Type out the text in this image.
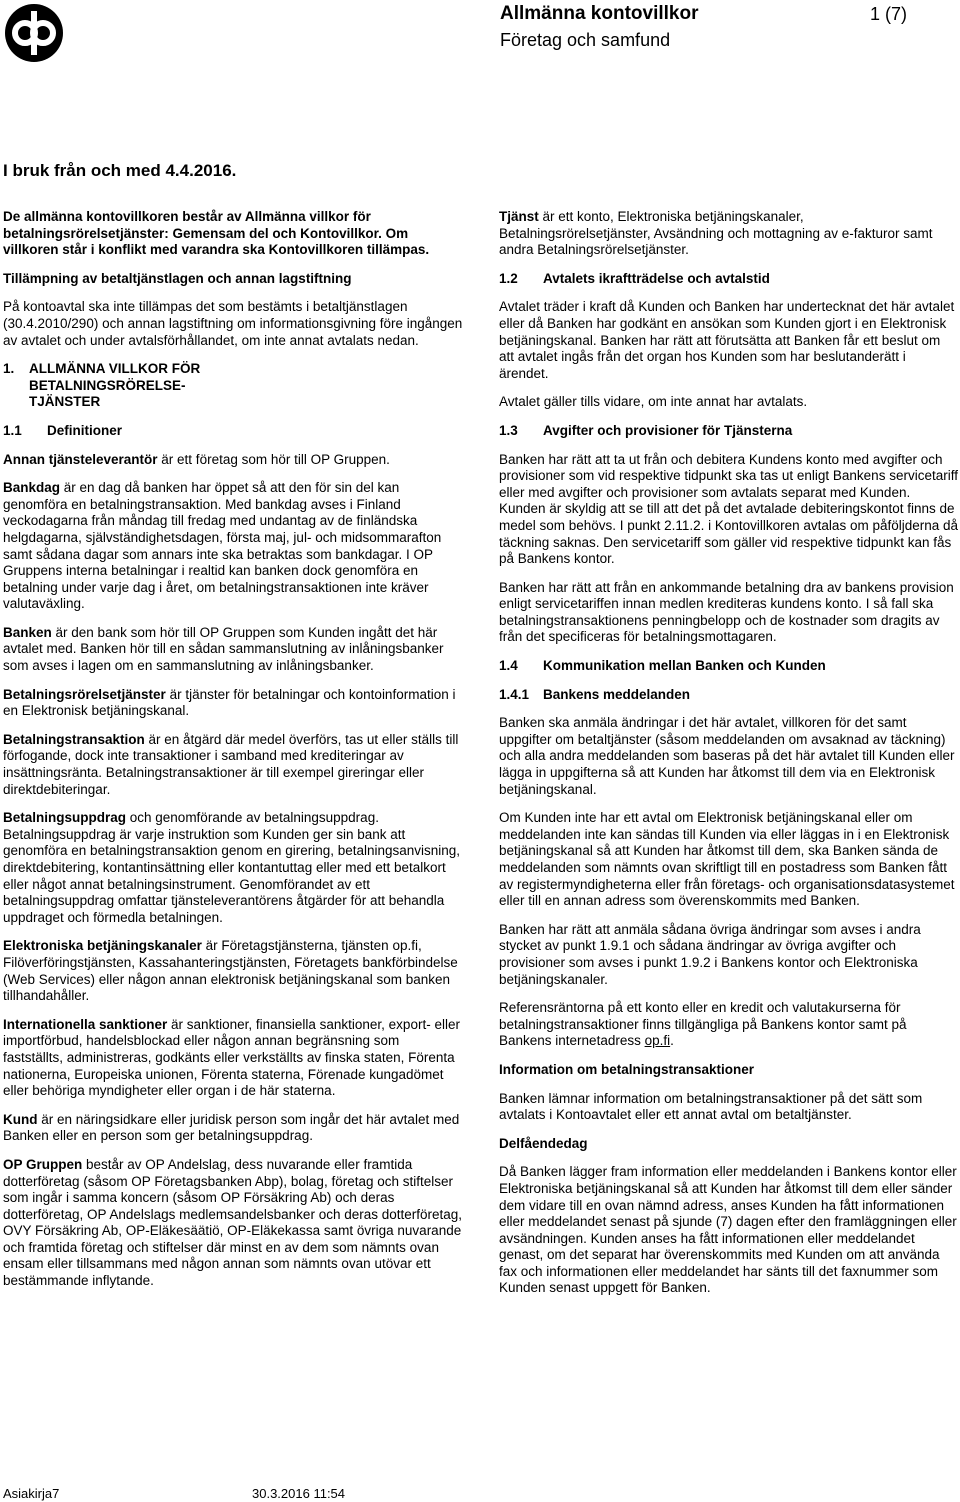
Allmänna kontovillkor	1 (7)
Företag och samfund
I bruk från och med 4.4.2016.

De allmänna kontovillkoren består av Allmänna villkor för betalningsrörelsetjänster: Gemensam del och Kontovillkor. Om villkoren står i konflikt med varandra ska Kontovillkoren tillämpas.

Tillämpning av betaltjänstlagen och annan lagstiftning

På kontoavtal ska inte tillämpas det som bestämts i betaltjänstlagen (30.4.2010/290) och annan lagstiftning om informationsgivning före ingången av avtalet och under avtalsförhållandet, om inte annat avtalats nedan.

1.	ALLMÄNNA VILLKOR FÖR BETALNINGSRÖRELSE-TJÄNSTER
1.1 Definitioner

Annan tjänsteleverantör är ett företag som hör till OP Gruppen.

Bankdag är en dag då banken har öppet så att den för sin del kan genomföra en betalningstransaktion. Med bankdag avses i Finland veckodagarna från måndag till fredag med undantag av de finländska helgdagarna, självständighetsdagen, första maj, jul- och midsommarafton samt sådana dagar som annars inte ska betraktas som bankdagar. I OP Gruppens interna betalningar i realtid kan banken dock genomföra en betalning under varje dag i året, om betalningstransaktionen inte kräver valutaväxling.

Banken är den bank som hör till OP Gruppen som Kunden ingått det här avtalet med. Banken hör till en sådan sammanslutning av inlåningsbanker som avses i lagen om en sammanslutning av inlåningsbanker.

Betalningsrörelsetjänster är tjänster för betalningar och kontoinformation i en Elektronisk betjäningskanal.

Betalningstransaktion är en åtgärd där medel överförs, tas ut eller ställs till förfogande, dock inte transaktioner i samband med krediteringar av insättningsränta. Betalningstransaktioner är till exempel gireringar eller direktdebiteringar.

Betalningsuppdrag och genomförande av betalningsuppdrag. Betalningsuppdrag är varje instruktion som Kunden ger sin bank att genomföra en betalningstransaktion genom en girering, betalningsanvisning, direktdebitering, kontantinsättning eller kontantuttag eller med ett betalkort eller något annat betalningsinstrument. Genomförandet av ett betalningsuppdrag omfattar tjänsteleverantörens åtgärder för att behandla uppdraget och förmedla betalningen.

Elektroniska betjäningskanaler är Företagstjänsterna, tjänsten op.fi, Filöverföringstjänsten, Kassahanteringstjänsten, Företagets bankförbindelse (Web Services) eller någon annan elektronisk betjäningskanal som banken tillhandahåller.

Internationella sanktioner är sanktioner, finansiella sanktioner, export- eller importförbud, handelsblockad eller någon annan begränsning som fastställts, administreras, godkänts eller verkställts av finska staten, Förenta nationerna, Europeiska unionen, Förenta staterna, Förenade kungadömet eller behöriga myndigheter eller organ i de här staterna.

Kund är en näringsidkare eller juridisk person som ingår det här avtalet med Banken eller en person som ger betalningsuppdrag.

OP Gruppen består av OP Andelslag, dess nuvarande eller framtida dotterföretag (såsom OP Företagsbanken Abp), bolag, företag och stiftelser som ingår i samma koncern (såsom OP Försäkring Ab) och deras dotterföretag, OP Andelslags medlemsandelsbanker och deras dotterföretag, OVY Försäkring Ab, OP-Eläkesäätiö, OP-Eläkekassa samt övriga nuvarande och framtida företag och stiftelser där minst en av dem som nämnts ovan ensam eller tillsammans med någon annan som nämnts ovan utövar ett bestämmande inflytande.

Tjänst är ett konto, Elektroniska betjäningskanaler, Betalningsrörelsetjänster, Avsändning och mottagning av e-fakturor samt andra Betalningsrörelsetjänster.

1.2 Avtalets ikraftträdelse och avtalstid

Avtalet träder i kraft då Kunden och Banken har undertecknat det här avtalet eller då Banken har godkänt en ansökan som Kunden gjort i en Elektronisk betjäningskanal. Banken har rätt att förutsätta att Banken får ett beslut om att avtalet ingås från det organ hos Kunden som har beslutanderätt i ärendet.

Avtalet gäller tills vidare, om inte annat har avtalats.

1.3 Avgifter och provisioner för Tjänsterna

Banken har rätt att ta ut från och debitera Kundens konto med avgifter och provisioner som vid respektive tidpunkt ska tas ut enligt Bankens servicetariff eller med avgifter och provisioner som avtalats separat med Kunden. Kunden är skyldig att se till att det på det avtalade debiteringskontot finns de medel som behövs. I punkt 2.11.2. i Kontovillkoren avtalas om påföljderna då täckning saknas. Den servicetariff som gäller vid respektive tidpunkt kan fås på Bankens kontor.

Banken har rätt att från en ankommande betalning dra av bankens provision enligt servicetariffen innan medlen krediteras kundens konto. I så fall ska betalningstransaktionens penningbelopp och de kostnader som dragits av från det specificeras för betalningsmottagaren.

1.4 Kommunikation mellan Banken och Kunden
1.4.1 Bankens meddelanden

Banken ska anmäla ändringar i det här avtalet, villkoren för det samt uppgifter om betaltjänster (såsom meddelanden om avsaknad av täckning) och alla andra meddelanden som baseras på det här avtalet till Kunden eller lägga in uppgifterna så att Kunden har åtkomst till dem via en Elektronisk betjäningskanal.

Om Kunden inte har ett avtal om Elektronisk betjäningskanal eller om meddelanden inte kan sändas till Kunden via eller läggas in i en Elektronisk betjäningskanal så att Kunden har åtkomst till dem, ska Banken sända de meddelanden som nämnts ovan skriftligt till en postadress som Banken fått av registermyndigheterna eller från företags- och organisationsdatasystemet eller till en annan adress som överenskommits med Banken.

Banken har rätt att anmäla sådana övriga ändringar som avses i andra stycket av punkt 1.9.1 och sådana ändringar av övriga avgifter och provisioner som avses i punkt 1.9.2 i Bankens kontor och Elektroniska betjäningskanaler.

Referensräntorna på ett konto eller en kredit och valutakurserna för betalningstransaktioner finns tillgängliga på Bankens kontor samt på Bankens internetadress op.fi.

Information om betalningstransaktioner

Banken lämnar information om betalningstransaktioner på det sätt som avtalats i Kontoavtalet eller ett annat avtal om betaltjänster.

Delfåendedag

Då Banken lägger fram information eller meddelanden i Bankens kontor eller Elektroniska betjäningskanal så att Kunden har åtkomst till dem eller sänder dem vidare till en ovan nämnd adress, anses Kunden ha fått informationen eller meddelandet senast på sjunde (7) dagen efter den framläggningen eller avsändningen. Kunden anses ha fått informationen eller meddelandet genast, om det separat har överenskommits med Kunden om att använda fax och informationen eller meddelandet har sänts till det faxnummer som Kunden senast uppgett för Banken.

Asiakirja7	30.3.2016 11:54
